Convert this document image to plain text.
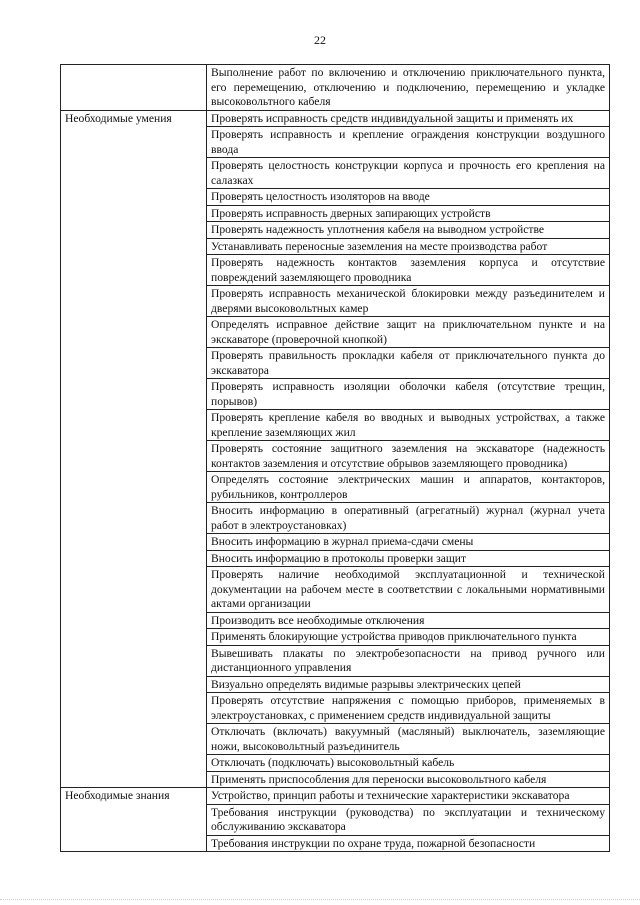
22
	Выполнение работ по включению и отключению приключательного пункта, его перемещению, отключению и подключению, перемещению и укладке высоковольтного кабеля
Необходимые умения	Проверять исправность средств индивидуальной защиты и применять их
	Проверять исправность и крепление ограждения конструкции воздушного ввода
	Проверять целостность конструкции корпуса и прочность его крепления на салазках
	Проверять целостность изоляторов на вводе
	Проверять исправность дверных запирающих устройств
	Проверять надежность уплотнения кабеля на выводном устройстве
	Устанавливать переносные заземления на месте производства работ
	Проверять надежность контактов заземления корпуса и отсутствие повреждений заземляющего проводника
	Проверять исправность механической блокировки между разъединителем и дверями высоковольтных камер
	Определять исправное действие защит на приключательном пункте и на экскаваторе (проверочной кнопкой)
	Проверять правильность прокладки кабеля от приключательного пункта до экскаватора
	Проверять исправность изоляции оболочки кабеля (отсутствие трещин, порывов)
	Проверять крепление кабеля во вводных и выводных устройствах, а также крепление заземляющих жил
	Проверять состояние защитного заземления на экскаваторе (надежность контактов заземления и отсутствие обрывов заземляющего проводника)
	Определять состояние электрических машин и аппаратов, контакторов, рубильников, контроллеров
	Вносить информацию в оперативный (агрегатный) журнал (журнал учета работ в электроустановках)
	Вносить информацию в журнал приема-сдачи смены
	Вносить информацию в протоколы проверки защит
	Проверять наличие необходимой эксплуатационной и технической документации на рабочем месте в соответствии с локальными нормативными актами организации
	Производить все необходимые отключения
	Применять блокирующие устройства приводов приключательного пункта
	Вывешивать плакаты по электробезопасности на привод ручного или дистанционного управления
	Визуально определять видимые разрывы электрических цепей
	Проверять отсутствие напряжения с помощью приборов, применяемых в электроустановках, с применением средств индивидуальной защиты
	Отключать (включать) вакуумный (масляный) выключатель, заземляющие ножи, высоковольтный разъединитель
	Отключать (подключать) высоковольтный кабель
	Применять приспособления для переноски высоковольтного кабеля
Необходимые знания	Устройство, принцип работы и технические характеристики экскаватора
	Требования инструкции (руководства) по эксплуатации и техническому обслуживанию экскаватора
	Требования инструкции по охране труда, пожарной безопасности
